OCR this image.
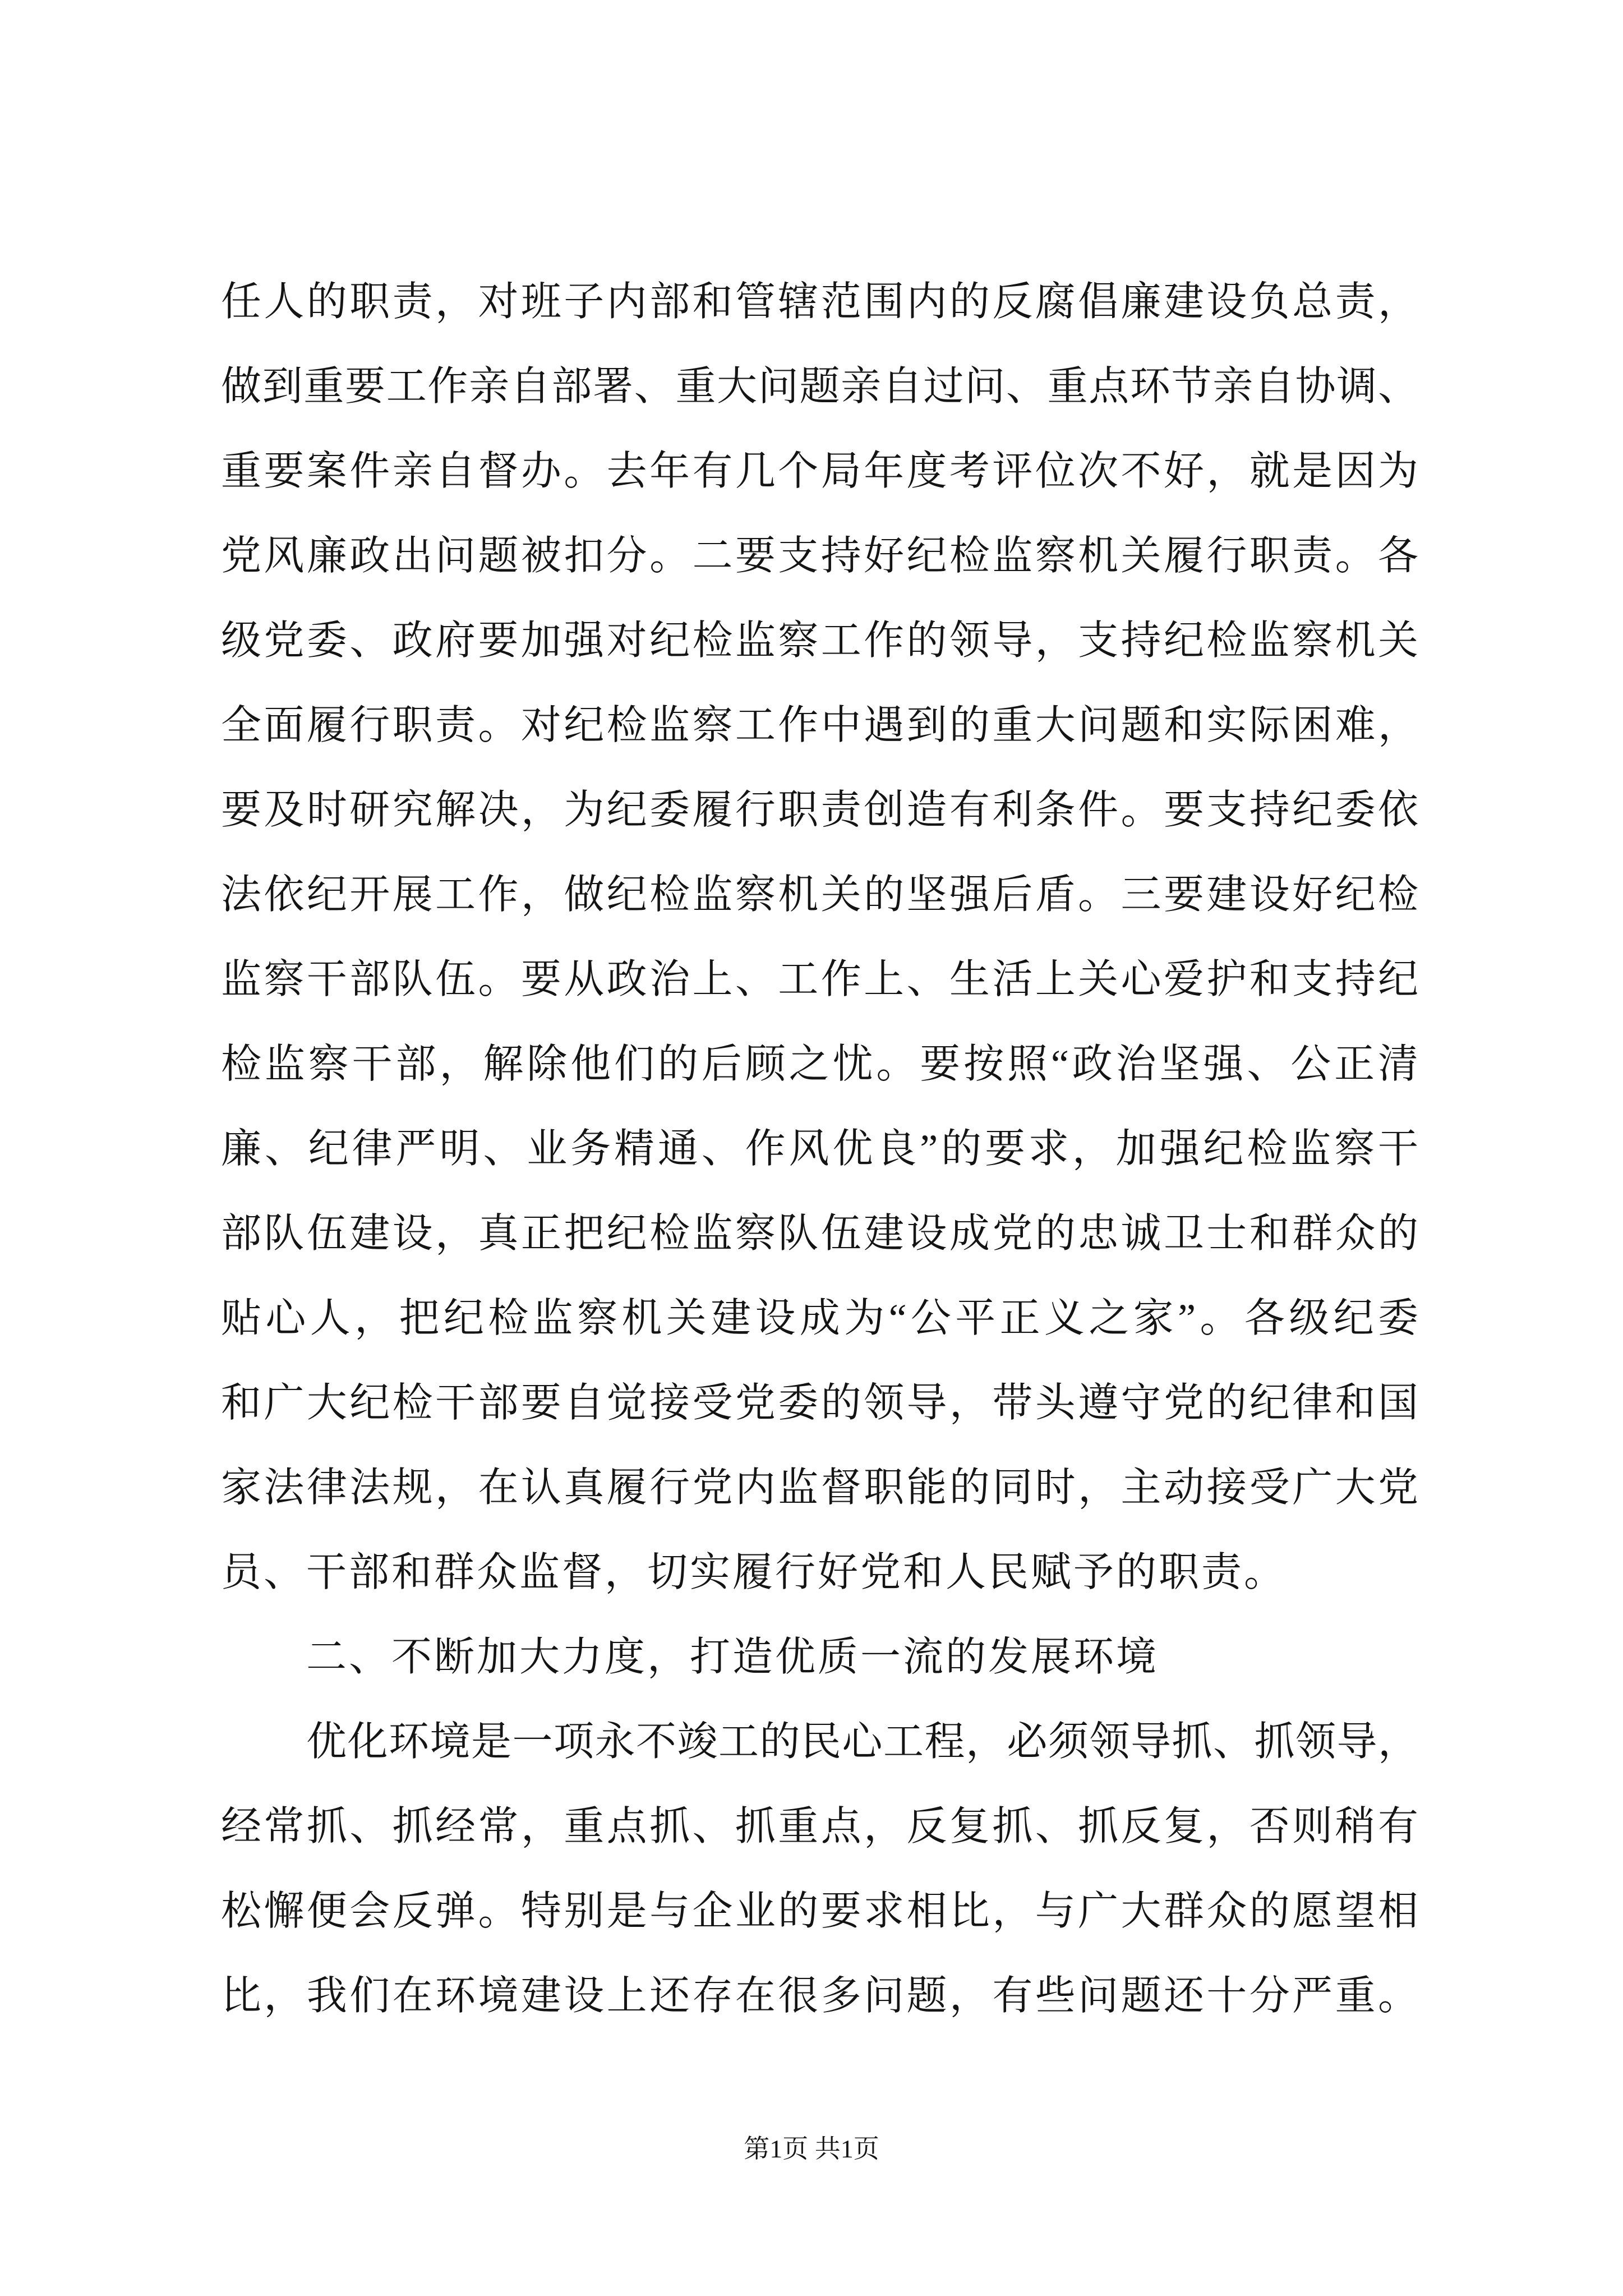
任人的职责，对班子内部和管辖范围内的反腐倡廉建设负总责，
做到重要工作亲自部署、重大问题亲自过问、重点环节亲自协调、
重要案件亲自督办。去年有几个局年度考评位次不好，就是因为
党风廉政出问题被扣分。二要支持好纪检监察机关履行职责。各
级党委、政府要加强对纪检监察工作的领导，支持纪检监察机关
全面履行职责。对纪检监察工作中遇到的重大问题和实际困难，
要及时研究解决，为纪委履行职责创造有利条件。要支持纪委依
法依纪开展工作，做纪检监察机关的坚强后盾。三要建设好纪检
监察干部队伍。要从政治上、工作上、生活上关心爱护和支持纪
检监察干部，解除他们的后顾之忧。要按照“政治坚强、公正清
廉、纪律严明、业务精通、作风优良”的要求，加强纪检监察干
部队伍建设，真正把纪检监察队伍建设成党的忠诚卫士和群众的
贴心人，把纪检监察机关建设成为“公平正义之家”。各级纪委
和广大纪检干部要自觉接受党委的领导，带头遵守党的纪律和国
家法律法规，在认真履行党内监督职能的同时，主动接受广大党
员、干部和群众监督，切实履行好党和人民赋予的职责。
二、不断加大力度，打造优质一流的发展环境
优化环境是一项永不竣工的民心工程，必须领导抓、抓领导，
经常抓、抓经常，重点抓、抓重点，反复抓、抓反复，否则稍有
松懈便会反弹。特别是与企业的要求相比，与广大群众的愿望相
比，我们在环境建设上还存在很多问题，有些问题还十分严重。
第1页 共1页
